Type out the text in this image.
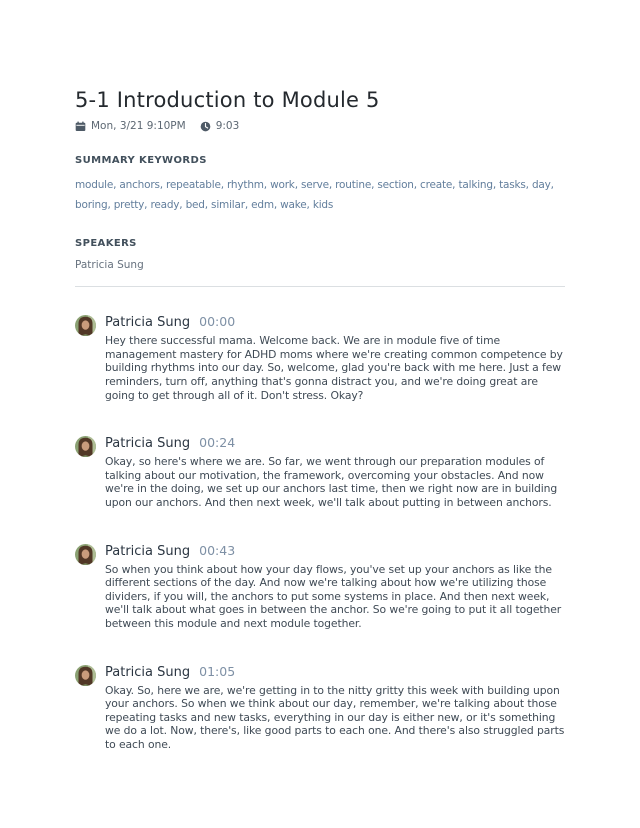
5-1 Introduction to Module 5
Mon, 3/21 9:10PM	9:03
SUMMARY KEYWORDS
module, anchors, repeatable, rhythm, work, serve, routine, section, create, talking, tasks, day, boring, pretty, ready, bed, similar, edm, wake, kids
SPEAKERS
Patricia Sung
Patricia Sung 00:00

Hey there successful mama. Welcome back. We are in module five of time management mastery for ADHD moms where we're creating common competence by building rhythms into our day. So, welcome, glad you're back with me here. Just a few reminders, turn off, anything that's gonna distract you, and we're doing great are going to get through all of it. Don't stress. Okay?

Patricia Sung 00:24

Okay, so here's where we are. So far, we went through our preparation modules of talking about our motivation, the framework, overcoming your obstacles. And now we're in the doing, we set up our anchors last time, then we right now are in building upon our anchors. And then next week, we'll talk about putting in between anchors.

Patricia Sung 00:43

So when you think about how your day flows, you've set up your anchors as like the different sections of the day. And now we're talking about how we're utilizing those dividers, if you will, the anchors to put some systems in place. And then next week, we'll talk about what goes in between the anchor. So we're going to put it all together between this module and next module together.

Patricia Sung 01:05

Okay. So, here we are, we're getting in to the nitty gritty this week with building upon your anchors. So when we think about our day, remember, we're talking about those repeating tasks and new tasks, everything in our day is either new, or it's something we do a lot. Now, there's, like good parts to each one. And there's also struggled parts to each one.
